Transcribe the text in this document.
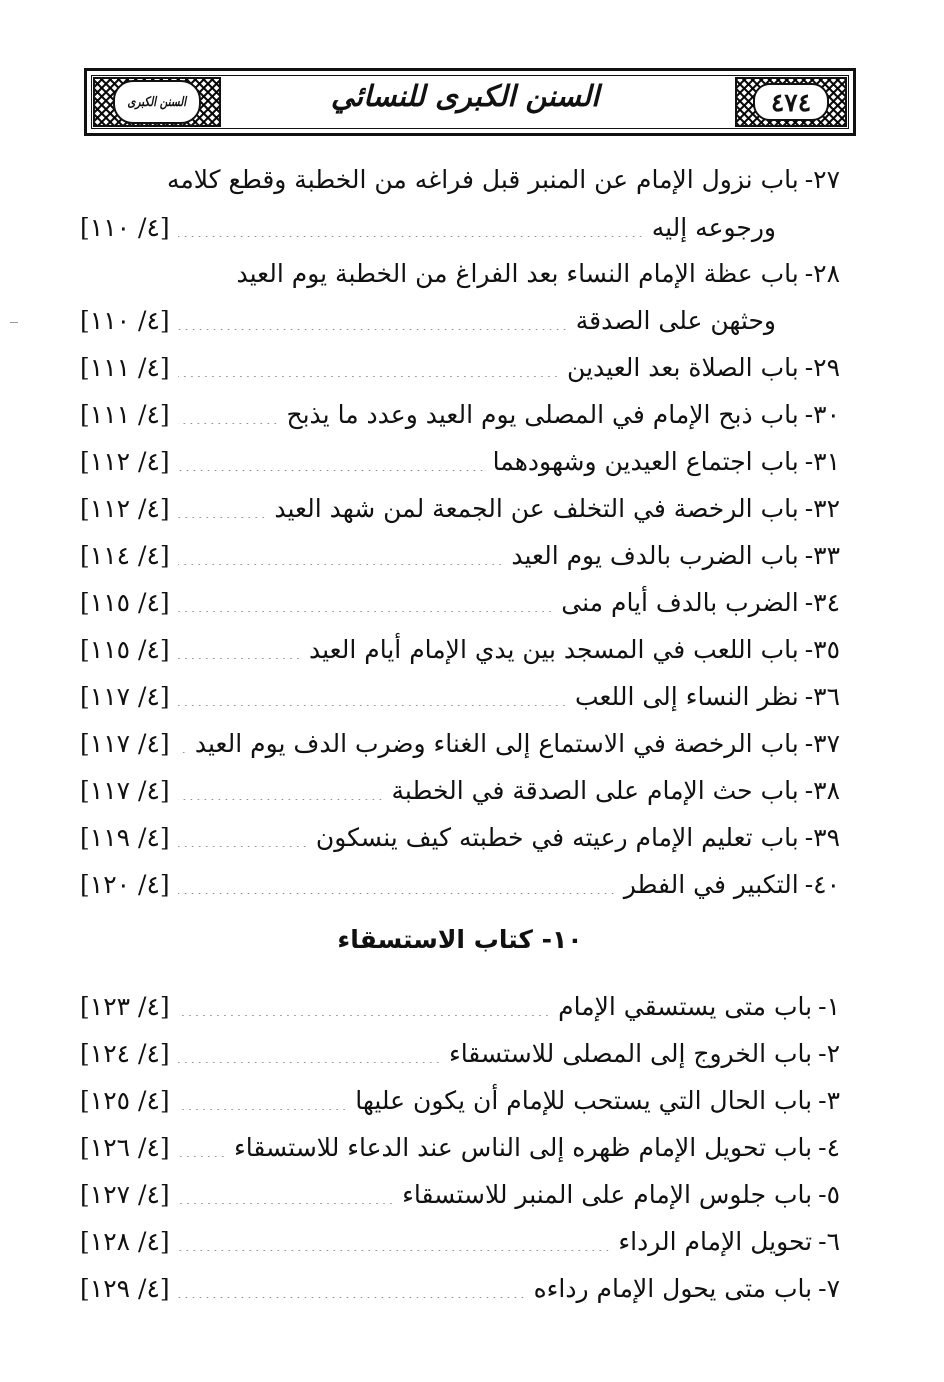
السنن الكبرى	السنن الكبرى للنسائي	٤٧٤
٢٧-
باب نزول الإمام عن المنبر قبل فراغه من الخطبة وقطع كلامه
ورجوعه إليه
[٤/ ١١٠]
٢٨-
باب عظة الإمام النساء بعد الفراغ من الخطبة يوم العيد
وحثهن على الصدقة
[٤/ ١١٠]
٢٩-
باب الصلاة بعد العيدين
[٤/ ١١١]
٣٠-
باب ذبح الإمام في المصلى يوم العيد وعدد ما يذبح
[٤/ ١١١]
٣١-
باب اجتماع العيدين وشهودهما
[٤/ ١١٢]
٣٢-
باب الرخصة في التخلف عن الجمعة لمن شهد العيد
[٤/ ١١٢]
٣٣-
باب الضرب بالدف يوم العيد
[٤/ ١١٤]
٣٤-
الضرب بالدف أيام منى
[٤/ ١١٥]
٣٥-
باب اللعب في المسجد بين يدي الإمام أيام العيد
[٤/ ١١٥]
٣٦-
نظر النساء إلى اللعب
[٤/ ١١٧]
٣٧-
باب الرخصة في الاستماع إلى الغناء وضرب الدف يوم العيد
[٤/ ١١٧]
٣٨-
باب حث الإمام على الصدقة في الخطبة
[٤/ ١١٧]
٣٩-
باب تعليم الإمام رعيته في خطبته كيف ينسكون
[٤/ ١١٩]
٤٠-
التكبير في الفطر
[٤/ ١٢٠]
١٠- كتاب الاستسقاء
١-
باب متى يستسقي الإمام
[٤/ ١٢٣]
٢-
باب الخروج إلى المصلى للاستسقاء
[٤/ ١٢٤]
٣-
باب الحال التي يستحب للإمام أن يكون عليها
[٤/ ١٢٥]
٤-
باب تحويل الإمام ظهره إلى الناس عند الدعاء للاستسقاء
[٤/ ١٢٦]
٥-
باب جلوس الإمام على المنبر للاستسقاء
[٤/ ١٢٧]
٦-
تحويل الإمام الرداء
[٤/ ١٢٨]
٧-
باب متى يحول الإمام رداءه
[٤/ ١٢٩]
